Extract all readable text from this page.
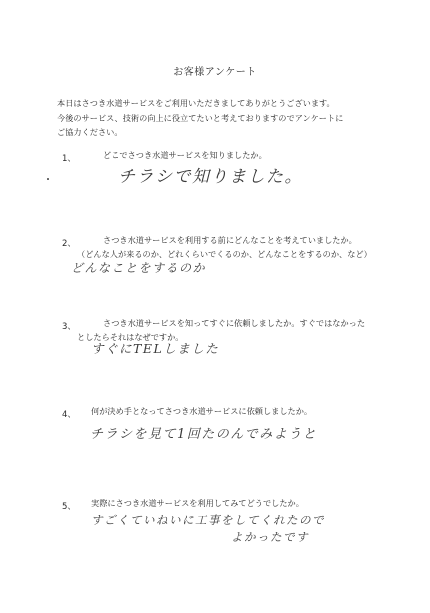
お客様アンケート
本日はさつき水道サービスをご利用いただきましてありがとうございます。
今後のサービス、技術の向上に役立てたいと考えておりますのでアンケートに
ご協力ください。
1、	どこでさつき水道サービスを知りましたか。
チラシで知りました。
2、	さつき水道サービスを利用する前にどんなことを考えていましたか。
（どんな人が来るのか、どれくらいでくるのか、どんなことをするのか、など）
どんなことをするのか
3、	さつき水道サービスを知ってすぐに依頼しましたか。すぐではなかった
としたらそれはなぜですか。
すぐにTELしました
4、 何が決め手となってさつき水道サービスに依頼しましたか。
チラシを見て1回たのんでみようと
5、 実際にさつき水道サービスを利用してみてどうでしたか。
すごくていねいに工事をしてくれたので
よかったです
